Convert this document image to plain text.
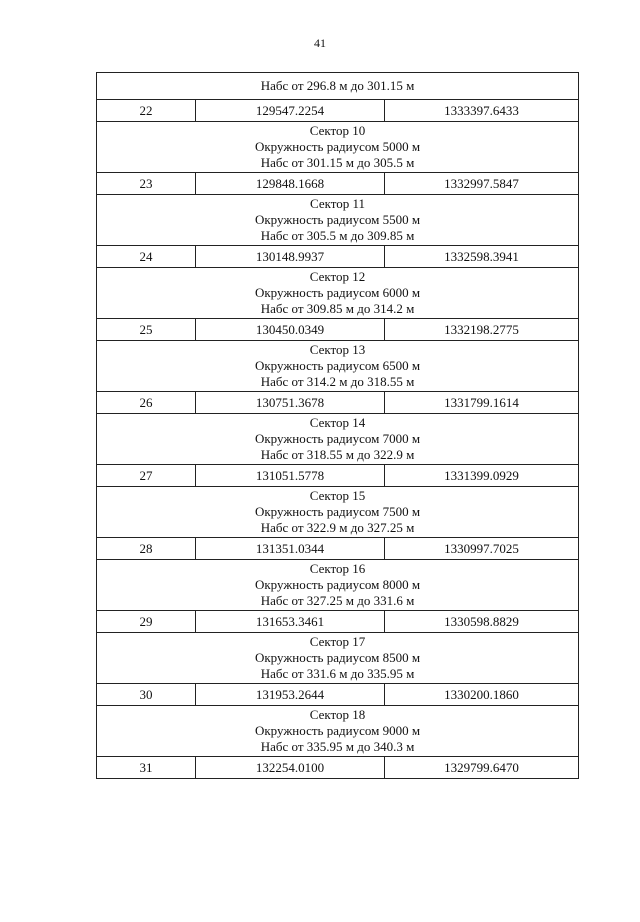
41
Набс от 296.8 м до 301.15 м		

22	129547.2254	1333397.6433

Сектор 10
Окружность радиусом 5000 м
Набс от 301.15 м до 305.5 м		

23	129848.1668	1332997.5847

Сектор 11
Окружность радиусом 5500 м
Набс от 305.5 м до 309.85 м		

24	130148.9937	1332598.3941

Сектор 12
Окружность радиусом 6000 м
Набс от 309.85 м до 314.2 м		

25	130450.0349	1332198.2775

Сектор 13
Окружность радиусом 6500 м
Набс от 314.2 м до 318.55 м		

26	130751.3678	1331799.1614

Сектор 14
Окружность радиусом 7000 м
Набс от 318.55 м до 322.9 м		

27	131051.5778	1331399.0929

Сектор 15
Окружность радиусом 7500 м
Набс от 322.9 м до 327.25 м		

28	131351.0344	1330997.7025

Сектор 16
Окружность радиусом 8000 м
Набс от 327.25 м до 331.6 м		

29	131653.3461	1330598.8829

Сектор 17
Окружность радиусом 8500 м
Набс от 331.6 м до 335.95 м		

30	131953.2644	1330200.1860

Сектор 18
Окружность радиусом 9000 м
Набс от 335.95 м до 340.3 м		

31	132254.0100	1329799.6470
